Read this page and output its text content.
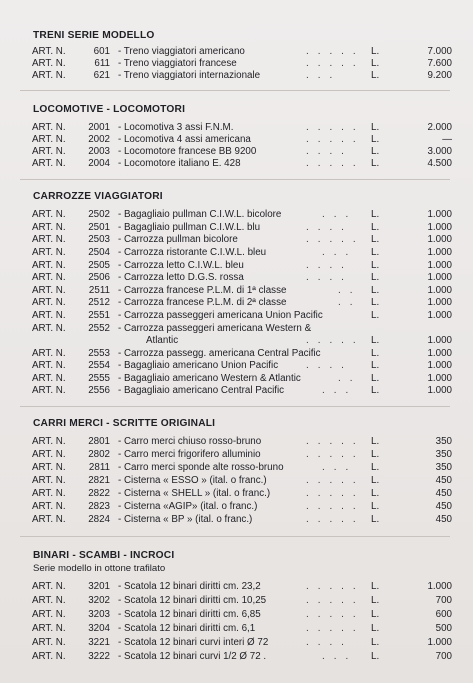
TRENI SERIE MODELLO
ART. N.	601 - Treno viaggiatori americano	..... L.	7.000
ART. N.	611 - Treno viaggiatori francese	..... L.	7.600
ART. N.	621 - Treno viaggiatori internazionale	...	L.	9.200
LOCOMOTIVE - LOCOMOTORI
ART. N.	2001 - Locomotiva 3 assi F.N.M.	..... L.	2.000
ART. N.	2002 - Locomotiva 4 assi americana	..... L.	—
ART. N.	2003 - Locomotore francese BB 9200	.... L.	3.000
ART. N.	2004 - Locomotore italiano E. 428	..... L.	4.500
CARROZZE VIAGGIATORI
ART. N.	2502 - Bagagliaio pullman C.I.W.L. bicolore	... L.	1.000
ART. N.	2501 - Bagagliaio pullman C.I.W.L. blu	.... L.	1.000
ART. N.	2503 - Carrozza pullman bicolore	..... L.	1.000
ART. N.	2504 - Carrozza ristorante C.I.W.L. bleu	... L.	1.000
ART. N.	2505 - Carrozza letto C.I.W.L. bleu	.... L.	1.000
ART. N.	2506 - Carrozza letto D.G.S. rossa	.... L.	1.000
ART. N.	2511 - Carrozza francese P.L.M. di 1ª classe	.. L.	1.000
ART. N.	2512 - Carrozza francese P.L.M. di 2ª classe	.. L.	1.000
ART. N.	2551 - Carrozza passeggeri americana Union Pacific	L.	1.000
ART. N.	2552 - Carrozza passeggeri americana Western &
Atlantic	..... L.	1.000
ART. N.	2553 - Carrozza passegg. americana Central Pacific	L.	1.000
ART. N.	2554 - Bagagliaio americano Union Pacific	.... L.	1.000
ART. N.	2555 - Bagagliaio americano Western & Atlantic	.. L.	1.000
ART. N.	2556 - Bagagliaio americano Central Pacific	... L.	1.000
CARRI MERCI - SCRITTE ORIGINALI
ART. N.	2801 - Carro merci chiuso rosso-bruno	..... L.	350
ART. N.	2802 - Carro merci frigorifero alluminio	..... L.	350
ART. N.	2811 - Carro merci sponde alte rosso-bruno	... L.	350
ART. N.	2821 - Cisterna « ESSO » (ital. o franc.)	..... L.	450
ART. N.	2822 - Cisterna « SHELL » (ital. o franc.)	..... L.	450
ART. N.	2823 - Cisterna «AGIP» (ital. o franc.)	..... L.	450
ART. N.	2824 - Cisterna « BP » (ital. o franc.)	..... L.	450
BINARI - SCAMBI - INCROCI
Serie modello in ottone trafilato
ART. N.	3201 - Scatola 12 binari diritti cm. 23,2	..... L.	1.000
ART. N.	3202 - Scatola 12 binari diritti cm. 10,25	..... L.	700
ART. N.	3203 - Scatola 12 binari diritti cm. 6,85	..... L.	600
ART. N.	3204 - Scatola 12 binari diritti cm. 6,1	..... L.	500
ART. N.	3221 - Scatola 12 binari curvi interi Ø 72	.... L.	1.000
ART. N.	3222 - Scatola 12 binari curvi 1/2 Ø 72 .	... L.	700
